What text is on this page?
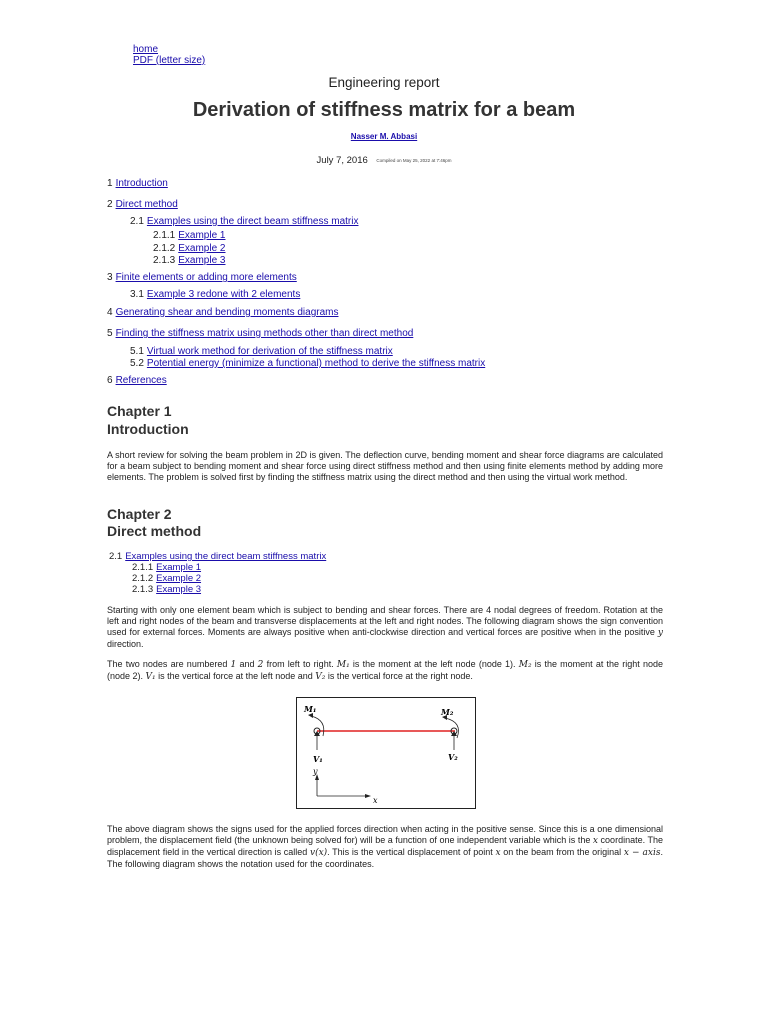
home
PDF (letter size)
Engineering report
Derivation of stiffness matrix for a beam
Nasser M. Abbasi
July 7, 2016 Compiled on May 25, 2022 at 7:46pm
1 Introduction
2 Direct method
2.1 Examples using the direct beam stiffness matrix
2.1.1 Example 1
2.1.2 Example 2
2.1.3 Example 3
3 Finite elements or adding more elements
3.1 Example 3 redone with 2 elements
4 Generating shear and bending moments diagrams
5 Finding the stiffness matrix using methods other than direct method
5.1 Virtual work method for derivation of the stiffness matrix
5.2 Potential energy (minimize a functional) method to derive the stiffness matrix
6 References
Chapter 1
Introduction
A short review for solving the beam problem in 2D is given. The deflection curve, bending moment and shear force diagrams are calculated for a beam subject to bending moment and shear force using direct stiffness method and then using finite elements method by adding more elements. The problem is solved first by finding the stiffness matrix using the direct method and then using the virtual work method.
Chapter 2
Direct method
2.1 Examples using the direct beam stiffness matrix
2.1.1 Example 1
2.1.2 Example 2
2.1.3 Example 3
Starting with only one element beam which is subject to bending and shear forces. There are 4 nodal degrees of freedom. Rotation at the left and right nodes of the beam and transverse displacements at the left and right nodes. The following diagram shows the sign convention used for external forces. Moments are always positive when anti-clockwise direction and vertical forces are positive when in the positive y direction.
The two nodes are numbered 1 and 2 from left to right. M₁ is the moment at the left node (node 1). M₂ is the moment at the right node (node 2). V₁ is the vertical force at the left node and V₂ is the vertical force at the right node.
M₁	M₂
V₁	V₂
y
x
The above diagram shows the signs used for the applied forces direction when acting in the positive sense. Since this is a one dimensional problem, the displacement field (the unknown being solved for) will be a function of one independent variable which is the x coordinate. The displacement field in the vertical direction is called v(x). This is the vertical displacement of point x on the beam from the original x − axis. The following diagram shows the notation used for the coordinates.
